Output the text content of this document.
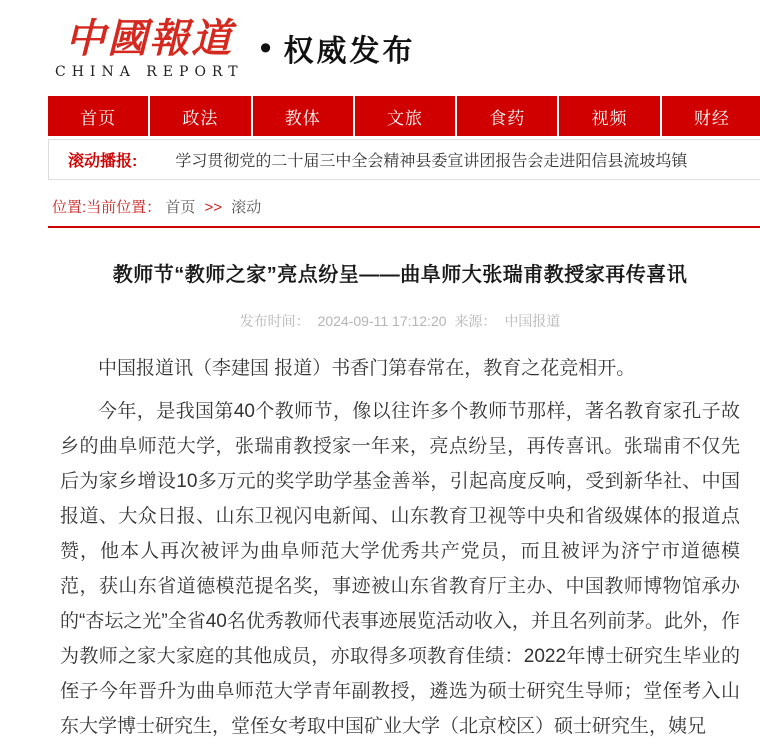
中國報道
CHINA REPORT
• 权威发布
首页	政法	教体	文旅	食药	视频	财经
滚动播报: 学习贯彻党的二十届三中全会精神县委宣讲团报告会走进阳信县流坡坞镇
位置:当前位置： 首页 >> 滚动
教师节“教师之家”亮点纷呈——曲阜师大张瑞甫教授家再传喜讯
发布时间： 2024-09-11 17:12:20 来源： 中国报道

中国报道讯（李建国 报道）书香门第春常在，教育之花竞相开。

今年，是我国第40个教师节，像以往许多个教师节那样，著名教育家孔子故乡的曲阜师范大学，张瑞甫教授家一年来，亮点纷呈，再传喜讯。张瑞甫不仅先后为家乡增设10多万元的奖学助学基金善举，引起高度反响，受到新华社、中国报道、大众日报、山东卫视闪电新闻、山东教育卫视等中央和省级媒体的报道点赞，他本人再次被评为曲阜师范大学优秀共产党员，而且被评为济宁市道德模范，获山东省道德模范提名奖，事迹被山东省教育厅主办、中国教师博物馆承办的“杏坛之光”全省40名优秀教师代表事迹展览活动收入，并且名列前茅。此外，作为教师之家大家庭的其他成员，亦取得多项教育佳绩：2022年博士研究生毕业的侄子今年晋升为曲阜师范大学青年副教授，遴选为硕士研究生导师；堂侄考入山东大学博士研究生，堂侄女考取中国矿业大学（北京校区）硕士研究生，姨兄
